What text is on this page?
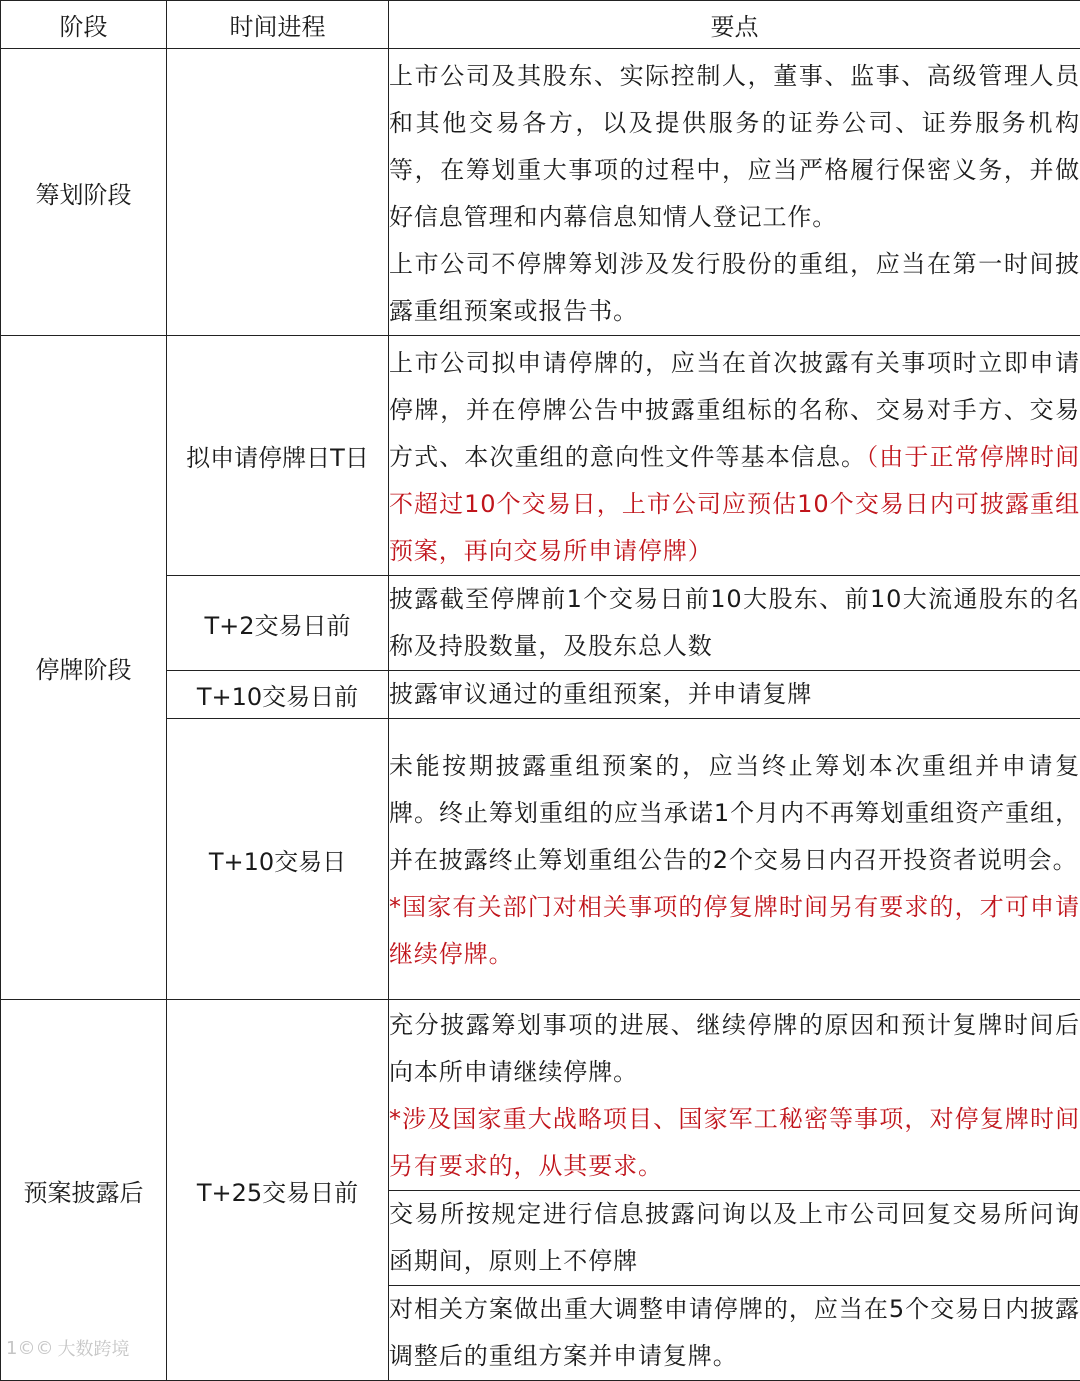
阶段	时间进程	要点
筹划阶段		上市公司及其股东、实际控制人，董事、监事、高级管理人员和其他交易各方，以及提供服务的证券公司、证券服务机构等，在筹划重大事项的过程中，应当严格履行保密义务，并做好信息管理和内幕信息知情人登记工作。
上市公司不停牌筹划涉及发行股份的重组，应当在第一时间披露重组预案或报告书。

停牌阶段	拟申请停牌日T日	上市公司拟申请停牌的，应当在首次披露有关事项时立即申请停牌，并在停牌公告中披露重组标的名称、交易对手方、交易方式、本次重组的意向性文件等基本信息。（由于正常停牌时间不超过10个交易日，上市公司应预估10个交易日内可披露重组预案，再向交易所申请停牌）
	T+2交易日前	披露截至停牌前1个交易日前10大股东、前10大流通股东的名称及持股数量，及股东总人数
	T+10交易日前	披露审议通过的重组预案，并申请复牌
	T+10交易日	未能按期披露重组预案的，应当终止筹划本次重组并申请复牌。终止筹划重组的应当承诺1个月内不再筹划重组资产重组，并在披露终止筹划重组公告的2个交易日内召开投资者说明会。
*国家有关部门对相关事项的停复牌时间另有要求的，才可申请继续停牌。

预案披露后	T+25交易日前	充分披露筹划事项的进展、继续停牌的原因和预计复牌时间后向本所申请继续停牌。
*涉及国家重大战略项目、国家军工秘密等事项，对停复牌时间另有要求的，从其要求。

		交易所按规定进行信息披露问询以及上市公司回复交易所问询函期间，原则上不停牌
		对相关方案做出重大调整申请停牌的，应当在5个交易日内披露调整后的重组方案并申请复牌。
1©© 大数跨境
